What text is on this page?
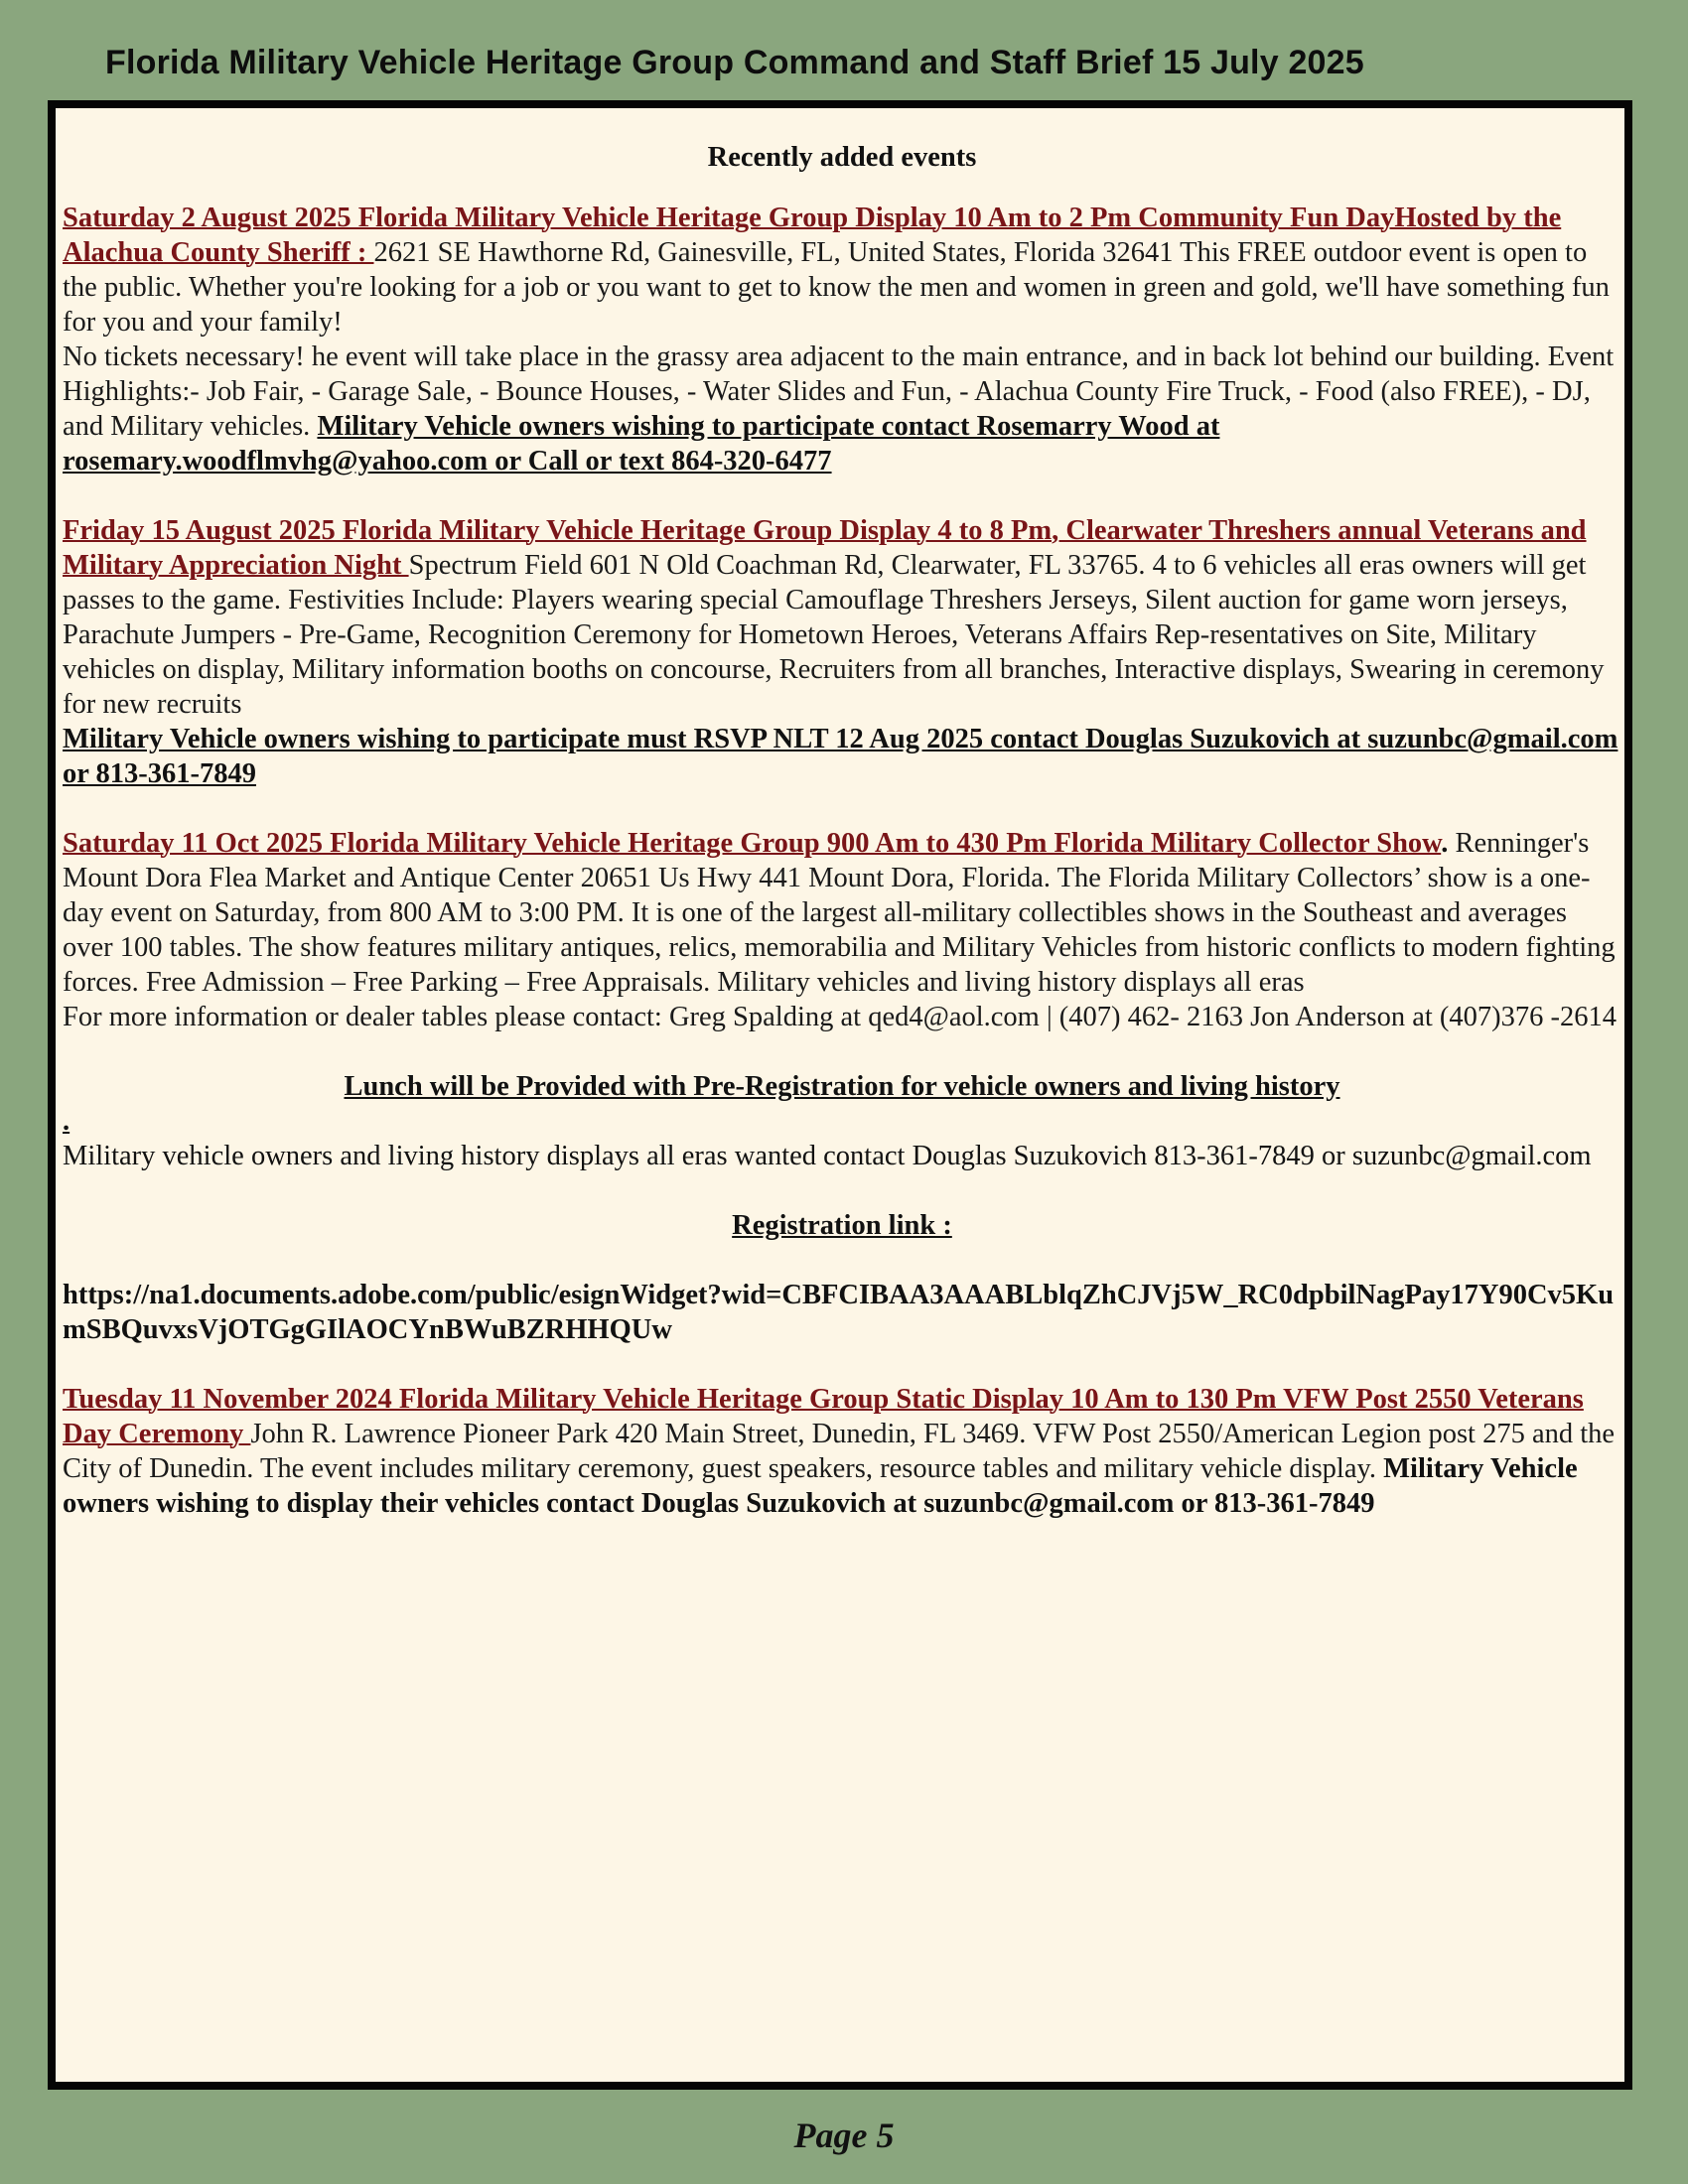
Florida Military Vehicle Heritage Group Command and Staff Brief 15 July 2025
Recently added events

Saturday 2 August 2025 Florida Military Vehicle Heritage Group Display 10 Am to 2 Pm Community Fun DayHosted by the Alachua County Sheriff : 2621 SE Hawthorne Rd, Gainesville, FL, United States, Florida 32641 This FREE outdoor event is open to the public. Whether you're looking for a job or you want to get to know the men and women in green and gold, we'll have something fun for you and your family!
No tickets necessary! he event will take place in the grassy area adjacent to the main entrance, and in back lot behind our building. Event Highlights:- Job Fair, - Garage Sale, - Bounce Houses, - Water Slides and Fun, - Alachua County Fire Truck, - Food (also FREE), - DJ, and Military vehicles. Military Vehicle owners wishing to participate contact Rosemarry Wood at rosemary.woodflmvhg@yahoo.com or Call or text 864-320-6477

Friday 15 August 2025 Florida Military Vehicle Heritage Group Display 4 to 8 Pm, Clearwater Threshers annual Veterans and Military Appreciation Night Spectrum Field 601 N Old Coachman Rd, Clearwater, FL 33765. 4 to 6 vehicles all eras owners will get passes to the game. Festivities Include: Players wearing special Camouflage Threshers Jerseys, Silent auction for game worn jerseys, Parachute Jumpers - Pre-Game, Recognition Ceremony for Hometown Heroes, Veterans Affairs Rep-resentatives on Site, Military vehicles on display, Military information booths on concourse, Recruiters from all branches, Interactive displays, Swearing in ceremony for new recruits
Military Vehicle owners wishing to participate must RSVP NLT 12 Aug 2025 contact Douglas Suzukovich at suzunbc@gmail.com or 813-361-7849

Saturday 11 Oct 2025 Florida Military Vehicle Heritage Group 900 Am to 430 Pm Florida Military Collector Show. Renninger's Mount Dora Flea Market and Antique Center 20651 Us Hwy 441 Mount Dora, Florida. The Florida Military Collectors’ show is a one-day event on Saturday, from 800 AM to 3:00 PM. It is one of the largest all-military collectibles shows in the Southeast and averages over 100 tables. The show features military antiques, relics, memorabilia and Military Vehicles from historic conflicts to modern fighting forces. Free Admission – Free Parking – Free Appraisals. Military vehicles and living history displays all eras
For more information or dealer tables please contact: Greg Spalding at qed4@aol.com | (407) 462- 2163 Jon Anderson at (407)376 -2614

Lunch will be Provided with Pre-Registration for vehicle owners and living history
.

Military vehicle owners and living history displays all eras wanted contact Douglas Suzukovich 813-361-7849 or suzunbc@gmail.com

Registration link :

https://na1.documents.adobe.com/public/esignWidget?wid=CBFCIBAA3AAABLblqZhCJVj5W_RC0dpbilNagPay17Y90Cv5KumSBQuvxsVjOTGgGIlAOCYnBWuBZRHHQUw

Tuesday 11 November 2024 Florida Military Vehicle Heritage Group Static Display 10 Am to 130 Pm VFW Post 2550 Veterans Day Ceremony John R. Lawrence Pioneer Park 420 Main Street, Dunedin, FL 3469. VFW Post 2550/American Legion post 275 and the City of Dunedin. The event includes military ceremony, guest speakers, resource tables and military vehicle display. Military Vehicle owners wishing to display their vehicles contact Douglas Suzukovich at suzunbc@gmail.com or 813-361-7849

Page 5
